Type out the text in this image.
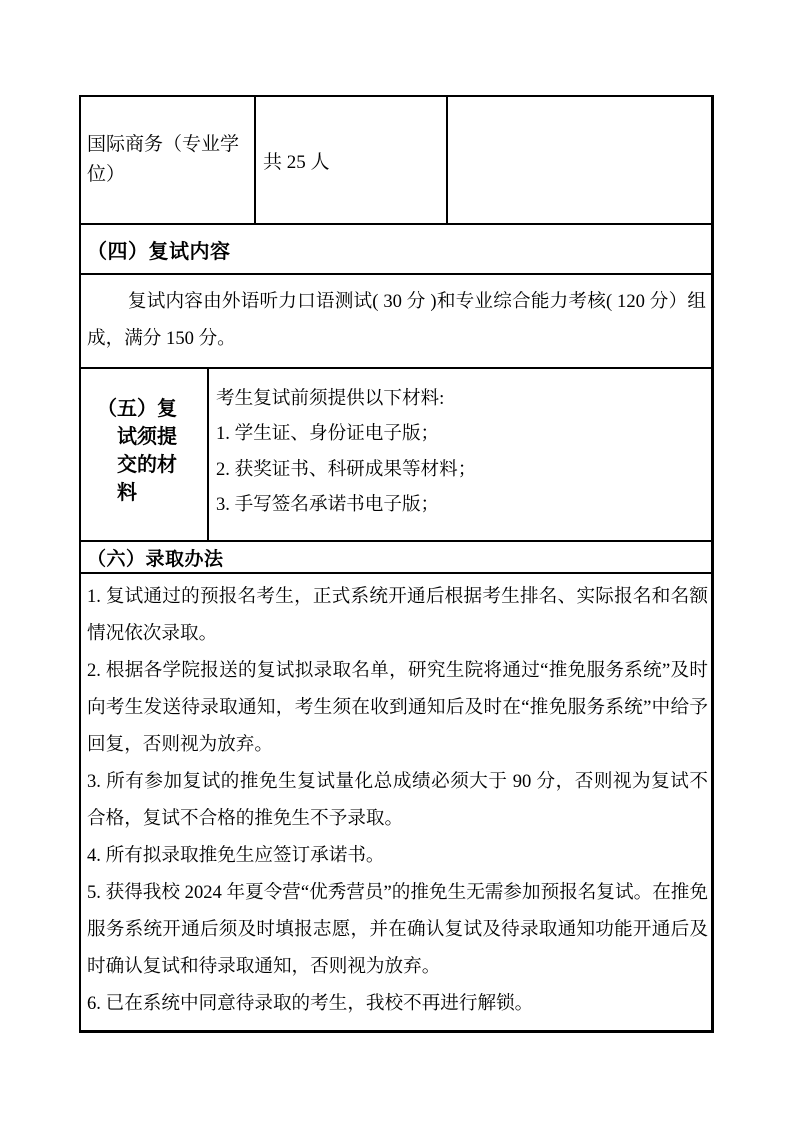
国际商务（专业学
位）
共 25 人
（四）复试内容

复试内容由外语听力口语测试( 30 分 )和专业综合能力考核( 120 分）组成，满分 150 分。

（五）复
试须提
交的材
料
考生复试前须提供以下材料:
1. 学生证、身份证电子版；
2. 获奖证书、科研成果等材料；
3. 手写签名承诺书电子版；
（六）录取办法

1. 复试通过的预报名考生，正式系统开通后根据考生排名、实际报名和名额情况依次录取。

2. 根据各学院报送的复试拟录取名单，研究生院将通过“推免服务系统”及时向考生发送待录取通知，考生须在收到通知后及时在“推免服务系统”中给予回复，否则视为放弃。

3. 所有参加复试的推免生复试量化总成绩必须大于 90 分，否则视为复试不合格，复试不合格的推免生不予录取。

4. 所有拟录取推免生应签订承诺书。

5. 获得我校 2024 年夏令营“优秀营员”的推免生无需参加预报名复试。在推免服务系统开通后须及时填报志愿，并在确认复试及待录取通知功能开通后及时确认复试和待录取通知，否则视为放弃。

6. 已在系统中同意待录取的考生，我校不再进行解锁。
